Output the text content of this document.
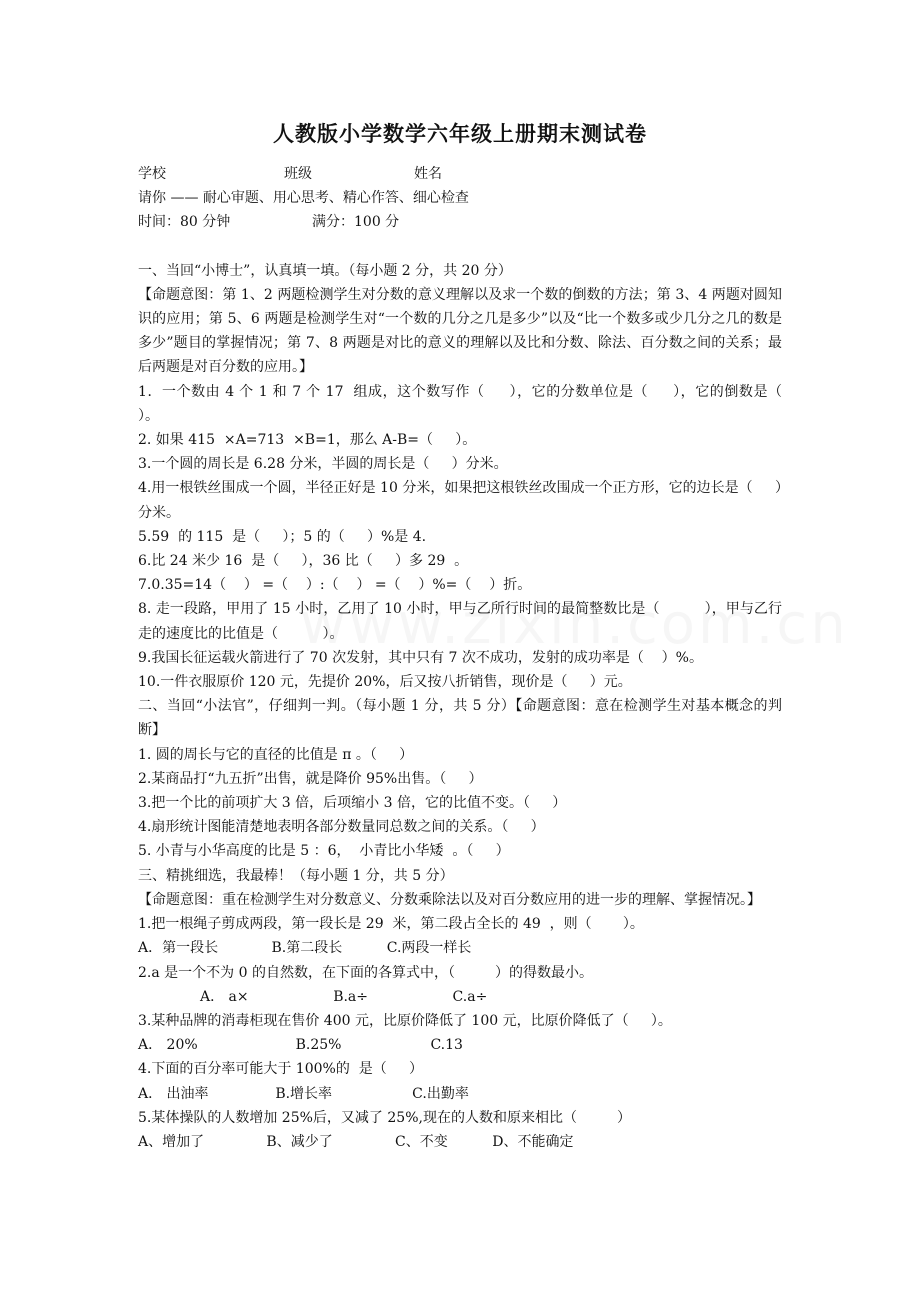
人教版小学数学六年级上册期末测试卷
学校	班级	姓名
请你 —— 耐心审题、用心思考、精心作答、细心检查
时间：80 分钟	满分：100 分
一、当回“小博士”，认真填一填。（每小题 2 分，共 20 分）
【命题意图：第 1、2 两题检测学生对分数的意义理解以及求一个数的倒数的方法；第 3、4 两题对圆知识的应用；第 5、6 两题是检测学生对“一个数的几分之几是多少”以及“比一个数多或少几分之几的数是多少”题目的掌握情况；第 7、8 两题是对比的意义的理解以及比和分数、除法、百分数之间的关系；最后两题是对百分数的应用。】
1．一个数由 4 个 1 和 7 个 17  组成，这个数写作（     ），它的分数单位是（     ），它的倒数是（     ）。
2. 如果 415  ×A=713  ×B=1，那么 A-B=（     ）。
3.一个圆的周长是 6.28 分米，半圆的周长是（     ）分米。
4.用一根铁丝围成一个圆，半径正好是 10 分米，如果把这根铁丝改围成一个正方形，它的边长是（     ）分米。
5.59  的 115  是（     ）；5 的（     ）%是 4.
6.比 24 米少 16  是（     ），36 比（     ）多 29  。
7.0.35=14（    ） =（    ）:（    ） =（    ）%=（    ）折。
8. 走一段路，甲用了 15 小时，乙用了 10 小时，甲与乙所行时间的最简整数比是（          ），甲与乙行走的速度比的比值是（          ）。
9.我国长征运载火箭进行了 70 次发射，其中只有 7 次不成功，发射的成功率是（    ）%。
10.一件衣服原价 120 元，先提价 20%，后又按八折销售，现价是（     ）元。
二、当回“小法官”，仔细判一判。（每小题 1 分，共 5 分）【命题意图：意在检测学生对基本概念的判断】
1. 圆的周长与它的直径的比值是 π 。（     ）
2.某商品打“九五折”出售，就是降价 95%出售。（     ）
3.把一个比的前项扩大 3 倍，后项缩小 3 倍，它的比值不变。（     ）
4.扇形统计图能清楚地表明各部分数量同总数之间的关系。（     ）
5. 小青与小华高度的比是 5 ：6，  小青比小华矮  。（     ）
三、精挑细选，我最棒！（每小题 1 分，共 5 分）
【命题意图：重在检测学生对分数意义、分数乘除法以及对百分数应用的进一步的理解、掌握情况。】
1.把一根绳子剪成两段，第一段长是 29  米，第二段占全长的 49  ，则（       ）。
A．第一段长            B.第二段长          C.两段一样长
2.a 是一个不为 0 的自然数，在下面的各算式中，（         ）的得数最小。
A． a×                   B.a÷                   C.a÷
3.某种品牌的消毒柜现在售价 400 元，比原价降低了 100 元，比原价降低了（     ）。
A． 20%                      B.25%                    C.13
4.下面的百分率可能大于 100%的  是（     ）
A． 出油率               B.增长率                  C.出勤率
5.某体操队的人数增加 25%后，又减了 25%,现在的人数和原来相比（         ）
A、增加了              B、减少了              C、不变          D、不能确定
